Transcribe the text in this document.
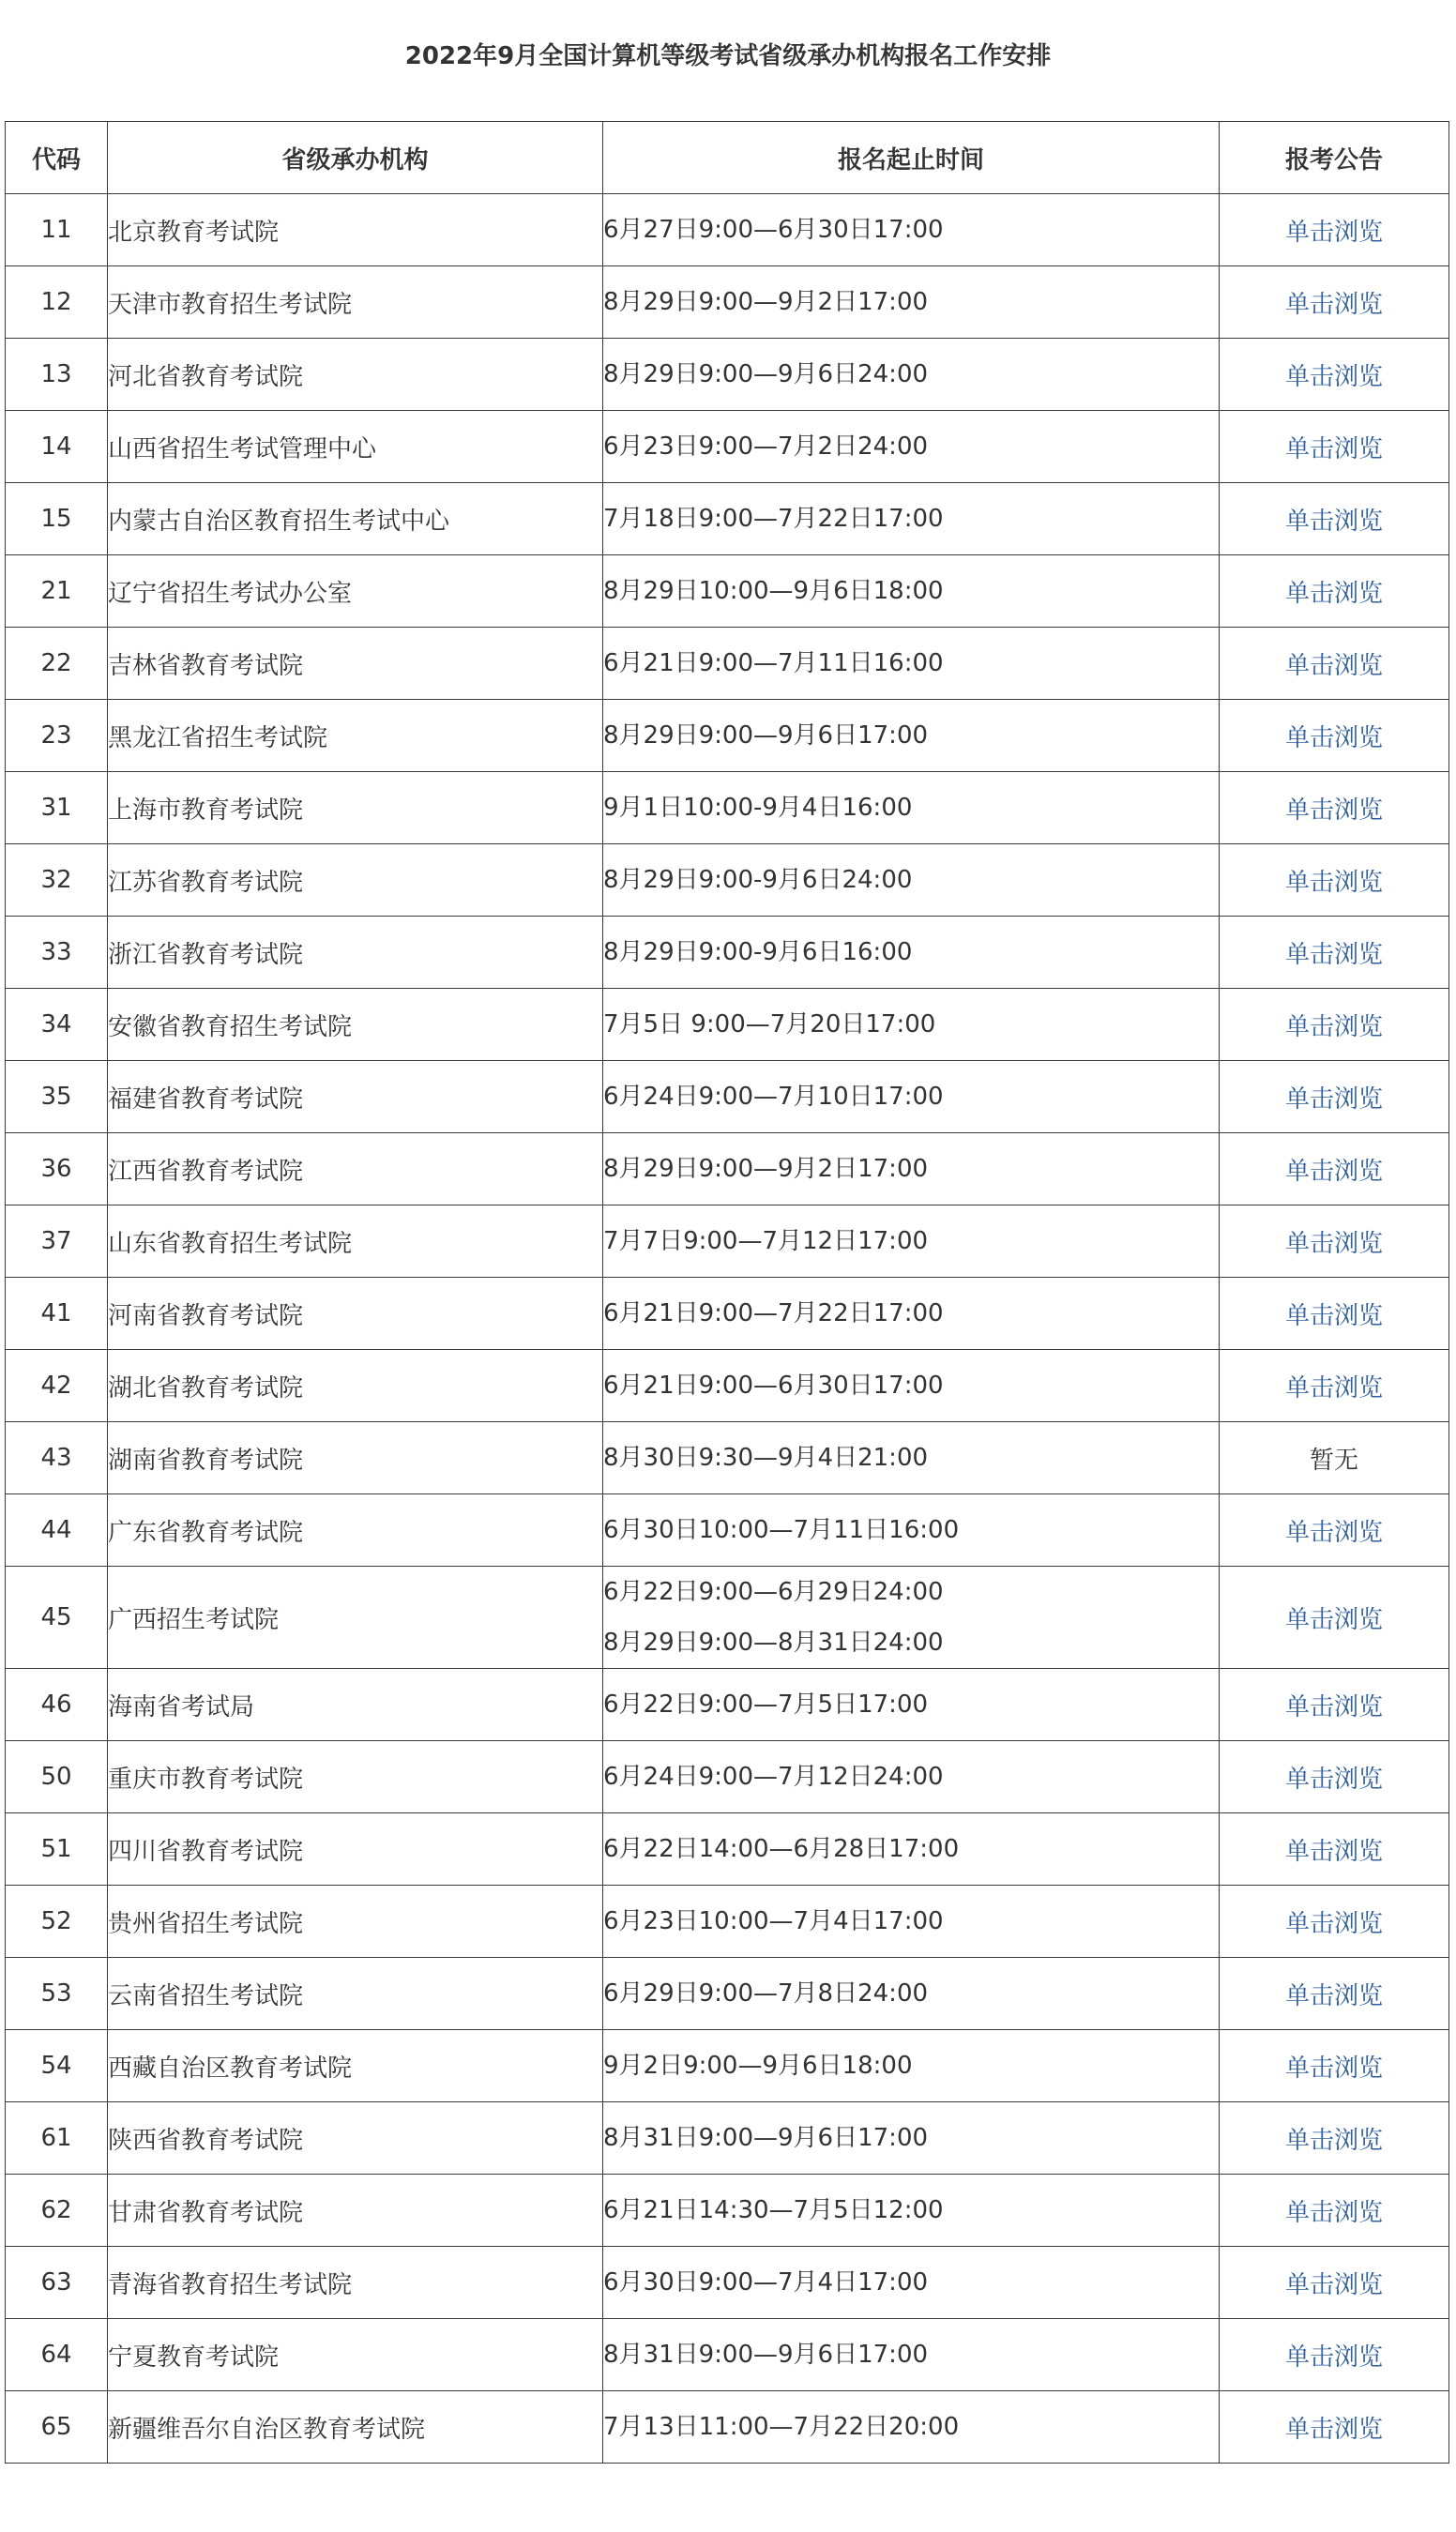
2022年9月全国计算机等级考试省级承办机构报名工作安排
代码	省级承办机构	报名起止时间	报考公告
11	北京教育考试院	6月27日9:00—6月30日17:00	单击浏览
12	天津市教育招生考试院	8月29日9:00—9月2日17:00	单击浏览
13	河北省教育考试院	8月29日9:00—9月6日24:00	单击浏览
14	山西省招生考试管理中心	6月23日9:00—7月2日24:00	单击浏览
15	内蒙古自治区教育招生考试中心	7月18日9:00—7月22日17:00	单击浏览
21	辽宁省招生考试办公室	8月29日10:00—9月6日18:00	单击浏览
22	吉林省教育考试院	6月21日9:00—7月11日16:00	单击浏览
23	黑龙江省招生考试院	8月29日9:00—9月6日17:00	单击浏览
31	上海市教育考试院	9月1日10:00-9月4日16:00	单击浏览
32	江苏省教育考试院	8月29日9:00-9月6日24:00	单击浏览
33	浙江省教育考试院	8月29日9:00-9月6日16:00	单击浏览
34	安徽省教育招生考试院	7月5日 9:00—7月20日17:00	单击浏览
35	福建省教育考试院	6月24日9:00—7月10日17:00	单击浏览
36	江西省教育考试院	8月29日9:00—9月2日17:00	单击浏览
37	山东省教育招生考试院	7月7日9:00—7月12日17:00	单击浏览
41	河南省教育考试院	6月21日9:00—7月22日17:00	单击浏览
42	湖北省教育考试院	6月21日9:00—6月30日17:00	单击浏览
43	湖南省教育考试院	8月30日9:30—9月4日21:00	暂无
44	广东省教育考试院	6月30日10:00—7月11日16:00	单击浏览
45	广西招生考试院	6月22日9:00—6月29日24:00
8月29日9:00—8月31日24:00	单击浏览
46	海南省考试局	6月22日9:00—7月5日17:00	单击浏览
50	重庆市教育考试院	6月24日9:00—7月12日24:00	单击浏览
51	四川省教育考试院	6月22日14:00—6月28日17:00	单击浏览
52	贵州省招生考试院	6月23日10:00—7月4日17:00	单击浏览
53	云南省招生考试院	6月29日9:00—7月8日24:00	单击浏览
54	西藏自治区教育考试院	9月2日9:00—9月6日18:00	单击浏览
61	陕西省教育考试院	8月31日9:00—9月6日17:00	单击浏览
62	甘肃省教育考试院	6月21日14:30—7月5日12:00	单击浏览
63	青海省教育招生考试院	6月30日9:00—7月4日17:00	单击浏览
64	宁夏教育考试院	8月31日9:00—9月6日17:00	单击浏览
65	新疆维吾尔自治区教育考试院	7月13日11:00—7月22日20:00	单击浏览
